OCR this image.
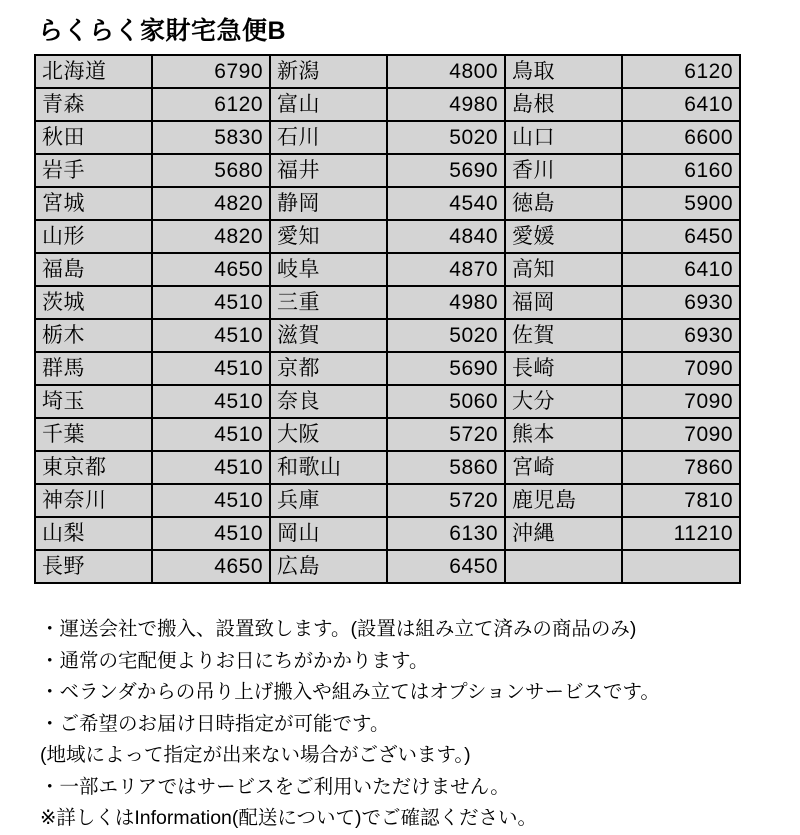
らくらく家財宅急便B
北海道	6790	新潟	4800	鳥取	6120
青森	6120	富山	4980	島根	6410
秋田	5830	石川	5020	山口	6600
岩手	5680	福井	5690	香川	6160
宮城	4820	静岡	4540	徳島	5900
山形	4820	愛知	4840	愛媛	6450
福島	4650	岐阜	4870	高知	6410
茨城	4510	三重	4980	福岡	6930
栃木	4510	滋賀	5020	佐賀	6930
群馬	4510	京都	5690	長崎	7090
埼玉	4510	奈良	5060	大分	7090
千葉	4510	大阪	5720	熊本	7090
東京都	4510	和歌山	5860	宮崎	7860
神奈川	4510	兵庫	5720	鹿児島	7810
山梨	4510	岡山	6130	沖縄	11210
長野	4650	広島	6450		
・運送会社で搬入、設置致します。(設置は組み立て済みの商品のみ)
・通常の宅配便よりお日にちがかかります。
・ベランダからの吊り上げ搬入や組み立てはオプションサービスです。
・ご希望のお届け日時指定が可能です。
(地域によって指定が出来ない場合がございます。)
・一部エリアではサービスをご利用いただけません。
※詳しくはInformation(配送について)でご確認ください。
